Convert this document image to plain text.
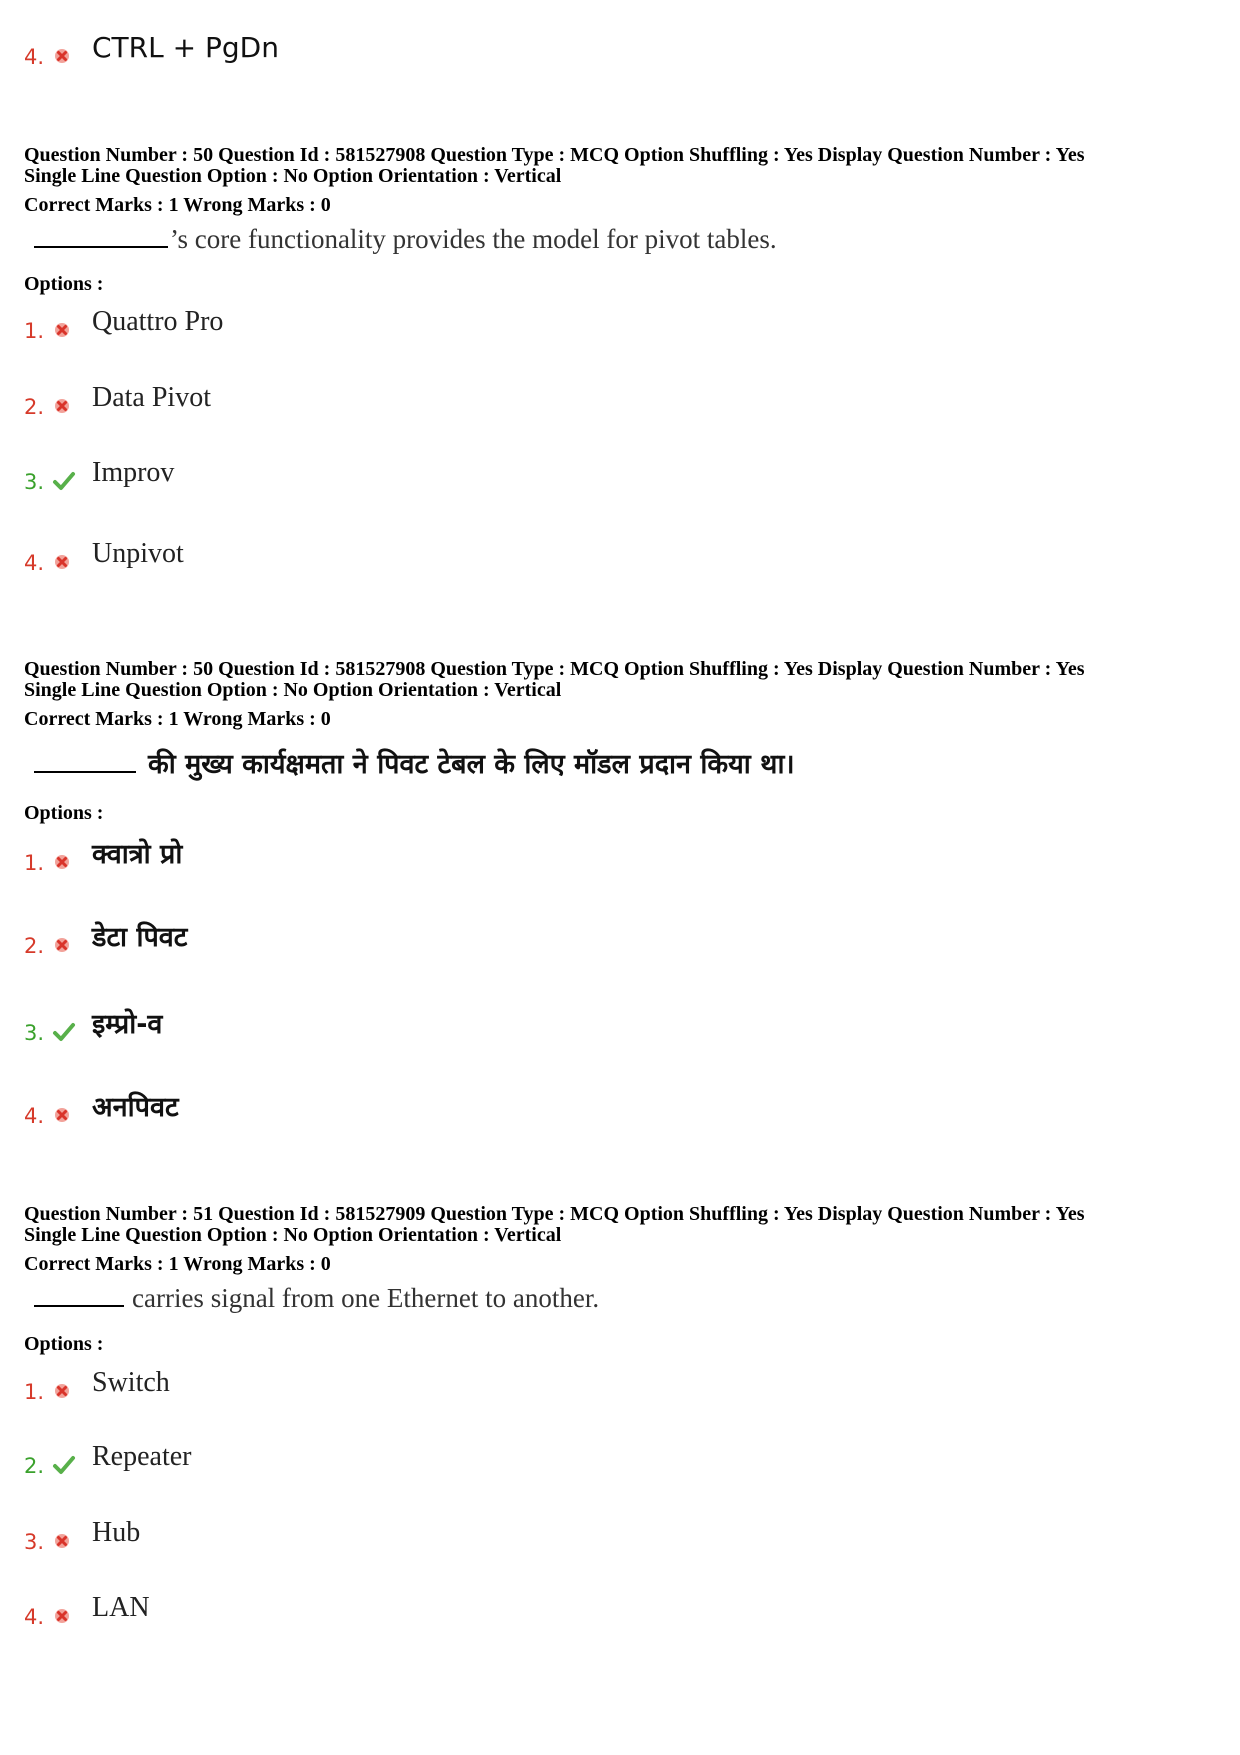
4. CTRL + PgDn
Question Number : 50 Question Id : 581527908 Question Type : MCQ Option Shuffling : Yes Display Question Number : Yes
Single Line Question Option : No Option Orientation : Vertical
Correct Marks : 1 Wrong Marks : 0
’s core functionality provides the model for pivot tables.
Options :
1. Quattro Pro
2. Data Pivot
3. Improv
4. Unpivot
Question Number : 50 Question Id : 581527908 Question Type : MCQ Option Shuffling : Yes Display Question Number : Yes
Single Line Question Option : No Option Orientation : Vertical
Correct Marks : 1 Wrong Marks : 0
की मुख्य कार्यक्षमता ने पिवट टेबल के लिए मॉडल प्रदान किया था।
Options :
1. क्वात्रो प्रो
2. डेटा पिवट
3. इम्प्रो-व
4. अनपिवट
Question Number : 51 Question Id : 581527909 Question Type : MCQ Option Shuffling : Yes Display Question Number : Yes
Single Line Question Option : No Option Orientation : Vertical
Correct Marks : 1 Wrong Marks : 0
carries signal from one Ethernet to another.
Options :
1. Switch
2. Repeater
3. Hub
4. LAN
